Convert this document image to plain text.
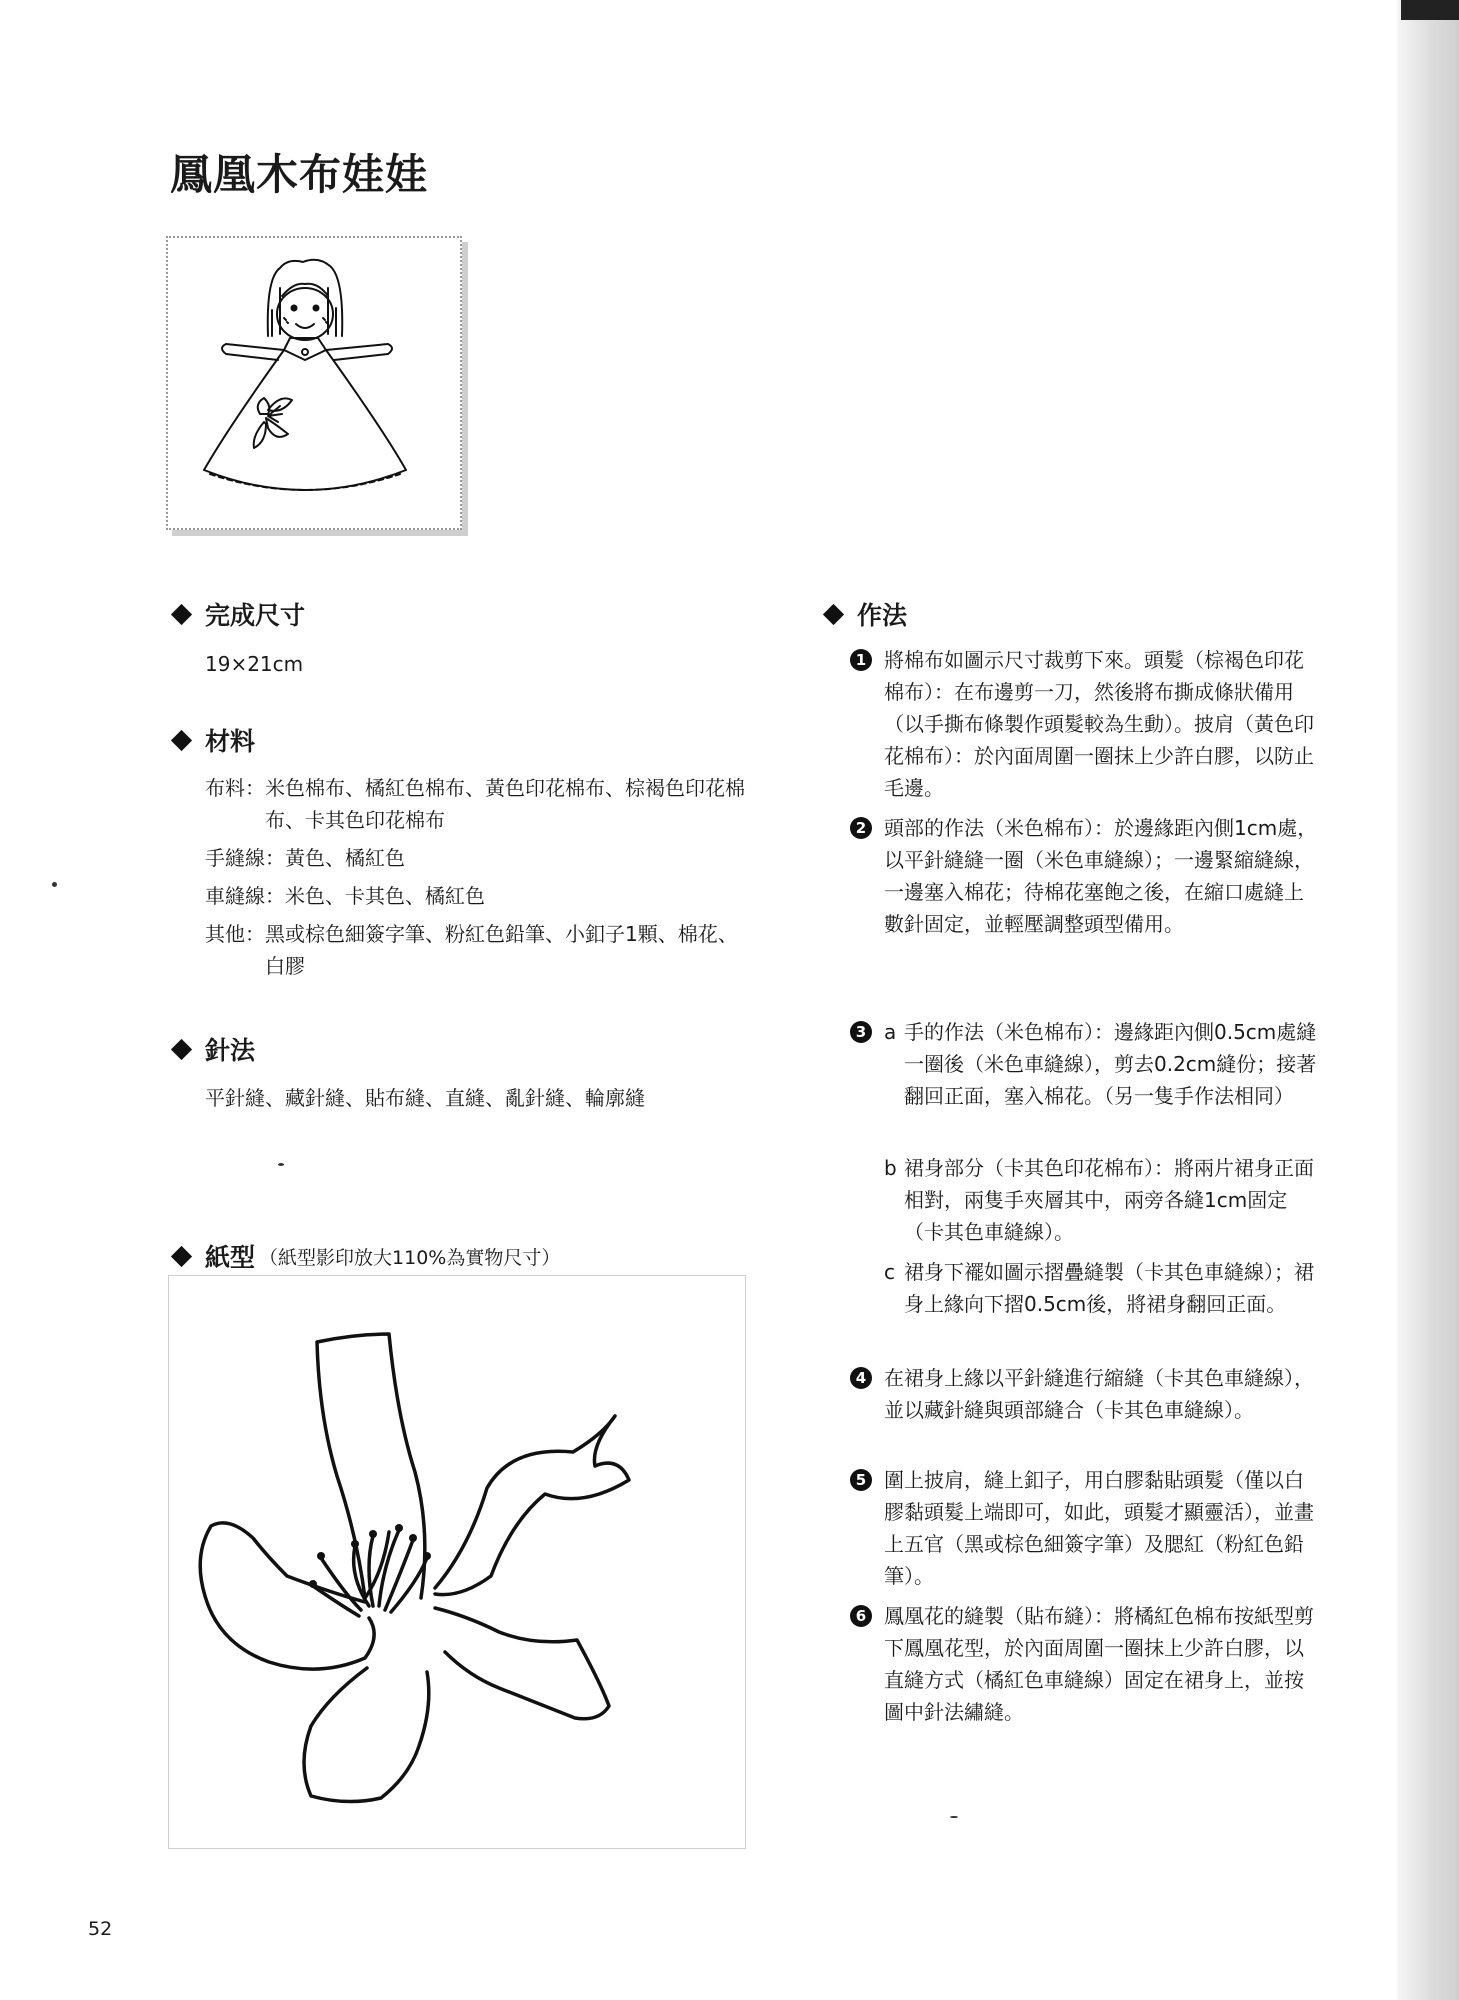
鳳凰木布娃娃
完成尺寸
19×21cm
材料
布料： 米色棉布、橘紅色棉布、黃色印花棉布、棕褐色印花棉布、卡其色印花棉布
手縫線： 黃色、橘紅色
車縫線： 米色、卡其色、橘紅色
其他： 黑或棕色細簽字筆、粉紅色鉛筆、小釦子1顆、棉花、白膠
針法
平針縫、藏針縫、貼布縫、直縫、亂針縫、輪廓縫
紙型 （紙型影印放大110%為實物尺寸）
作法
1 將棉布如圖示尺寸裁剪下來。頭髮（棕褐色印花棉布）：在布邊剪一刀，然後將布撕成條狀備用（以手撕布條製作頭髮較為生動）。披肩（黃色印花棉布）：於內面周圍一圈抹上少許白膠，以防止毛邊。
2 頭部的作法（米色棉布）：於邊緣距內側1cm處，以平針縫縫一圈（米色車縫線）；一邊緊縮縫線，一邊塞入棉花；待棉花塞飽之後，在縮口處縫上數針固定，並輕壓調整頭型備用。
3 a 手的作法（米色棉布）：邊緣距內側0.5cm處縫一圈後（米色車縫線），剪去0.2cm縫份；接著翻回正面，塞入棉花。（另一隻手作法相同）
b 裙身部分（卡其色印花棉布）：將兩片裙身正面相對，兩隻手夾層其中，兩旁各縫1cm固定（卡其色車縫線）。
c 裙身下襬如圖示摺疊縫製（卡其色車縫線）；裙身上緣向下摺0.5cm後，將裙身翻回正面。
4 在裙身上緣以平針縫進行縮縫（卡其色車縫線），並以藏針縫與頭部縫合（卡其色車縫線）。
5 圍上披肩，縫上釦子，用白膠黏貼頭髮（僅以白膠黏頭髮上端即可，如此，頭髮才顯靈活），並畫上五官（黑或棕色細簽字筆）及腮紅（粉紅色鉛筆）。
6 鳳凰花的縫製（貼布縫）：將橘紅色棉布按紙型剪下鳳凰花型，於內面周圍一圈抹上少許白膠，以直縫方式（橘紅色車縫線）固定在裙身上，並按圖中針法繡縫。
52
